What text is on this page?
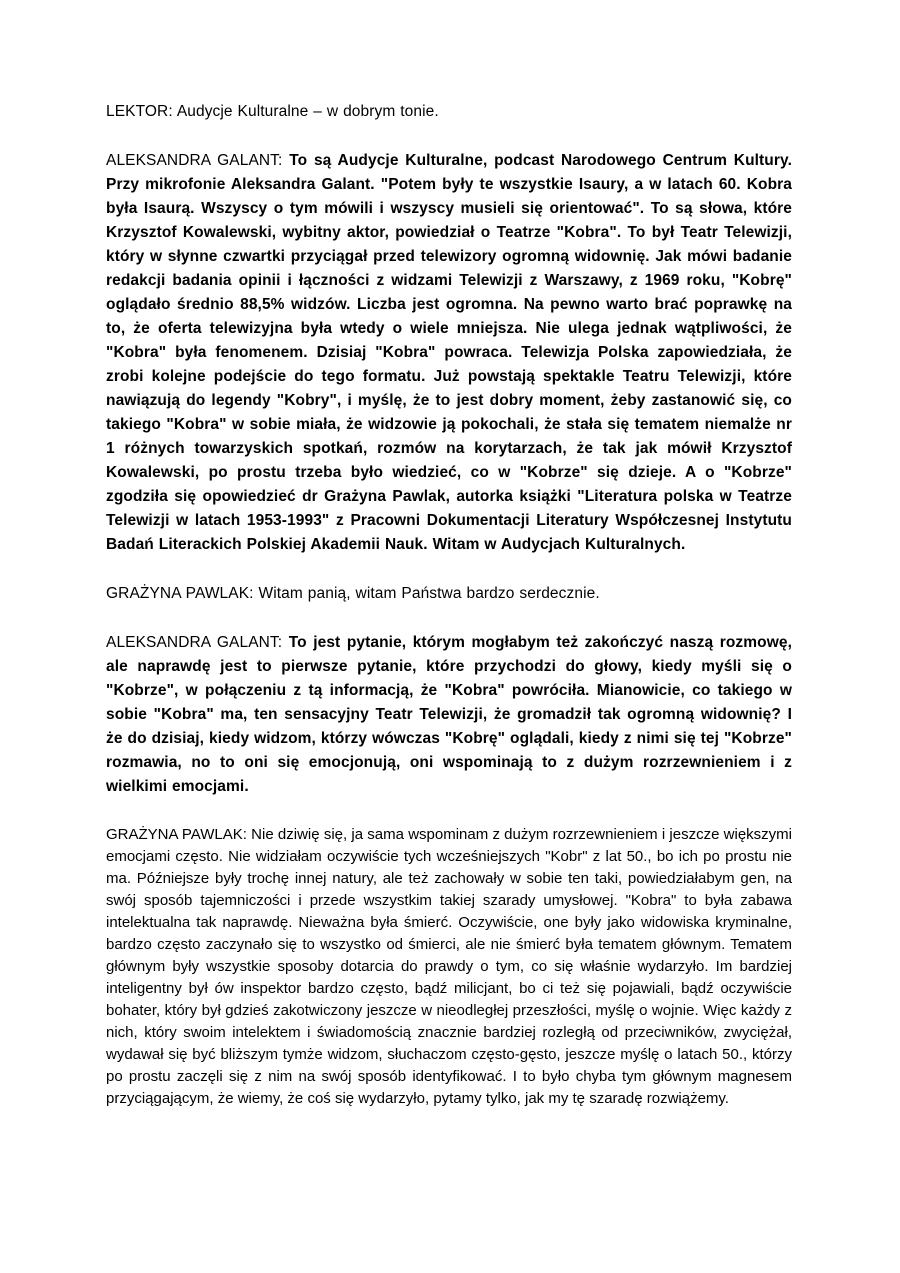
LEKTOR: Audycje Kulturalne – w dobrym tonie.

ALEKSANDRA GALANT: To są Audycje Kulturalne, podcast Narodowego Centrum Kultury. Przy mikrofonie Aleksandra Galant. "Potem były te wszystkie Isaury, a w latach 60. Kobra była Isaurą. Wszyscy o tym mówili i wszyscy musieli się orientować". To są słowa, które Krzysztof Kowalewski, wybitny aktor, powiedział o Teatrze "Kobra". To był Teatr Telewizji, który w słynne czwartki przyciągał przed telewizory ogromną widownię. Jak mówi badanie redakcji badania opinii i łączności z widzami Telewizji z Warszawy, z 1969 roku, "Kobrę" oglądało średnio 88,5% widzów. Liczba jest ogromna. Na pewno warto brać poprawkę na to, że oferta telewizyjna była wtedy o wiele mniejsza. Nie ulega jednak wątpliwości, że "Kobra" była fenomenem. Dzisiaj "Kobra" powraca. Telewizja Polska zapowiedziała, że zrobi kolejne podejście do tego formatu. Już powstają spektakle Teatru Telewizji, które nawiązują do legendy "Kobry", i myślę, że to jest dobry moment, żeby zastanowić się, co takiego "Kobra" w sobie miała, że widzowie ją pokochali, że stała się tematem niemalże nr 1 różnych towarzyskich spotkań, rozmów na korytarzach, że tak jak mówił Krzysztof Kowalewski, po prostu trzeba było wiedzieć, co w "Kobrze" się dzieje. A o "Kobrze" zgodziła się opowiedzieć dr Grażyna Pawlak, autorka książki "Literatura polska w Teatrze Telewizji w latach 1953-1993" z Pracowni Dokumentacji Literatury Współczesnej Instytutu Badań Literackich Polskiej Akademii Nauk. Witam w Audycjach Kulturalnych.

GRAŻYNA PAWLAK: Witam panią, witam Państwa bardzo serdecznie.

ALEKSANDRA GALANT: To jest pytanie, którym mogłabym też zakończyć naszą rozmowę, ale naprawdę jest to pierwsze pytanie, które przychodzi do głowy, kiedy myśli się o "Kobrze", w połączeniu z tą informacją, że "Kobra" powróciła. Mianowicie, co takiego w sobie "Kobra" ma, ten sensacyjny Teatr Telewizji, że gromadził tak ogromną widownię? I że do dzisiaj, kiedy widzom, którzy wówczas "Kobrę" oglądali, kiedy z nimi się tej "Kobrze" rozmawia, no to oni się emocjonują, oni wspominają to z dużym rozrzewnieniem i z wielkimi emocjami.

GRAŻYNA PAWLAK: Nie dziwię się, ja sama wspominam z dużym rozrzewnieniem i jeszcze większymi emocjami często. Nie widziałam oczywiście tych wcześniejszych "Kobr" z lat 50., bo ich po prostu nie ma. Późniejsze były trochę innej natury, ale też zachowały w sobie ten taki, powiedziałabym gen, na swój sposób tajemniczości i przede wszystkim takiej szarady umysłowej. "Kobra" to była zabawa intelektualna tak naprawdę. Nieważna była śmierć. Oczywiście, one były jako widowiska kryminalne, bardzo często zaczynało się to wszystko od śmierci, ale nie śmierć była tematem głównym. Tematem głównym były wszystkie sposoby dotarcia do prawdy o tym, co się właśnie wydarzyło. Im bardziej inteligentny był ów inspektor bardzo często, bądź milicjant, bo ci też się pojawiali, bądź oczywiście bohater, który był gdzieś zakotwiczony jeszcze w nieodległej przeszłości, myślę o wojnie. Więc każdy z nich, który swoim intelektem i świadomością znacznie bardziej rozległą od przeciwników, zwyciężał, wydawał się być bliższym tymże widzom, słuchaczom często-gęsto, jeszcze myślę o latach 50., którzy po prostu zaczęli się z nim na swój sposób identyfikować. I to było chyba tym głównym magnesem przyciągającym, że wiemy, że coś się wydarzyło, pytamy tylko, jak my tę szaradę rozwiążemy.
